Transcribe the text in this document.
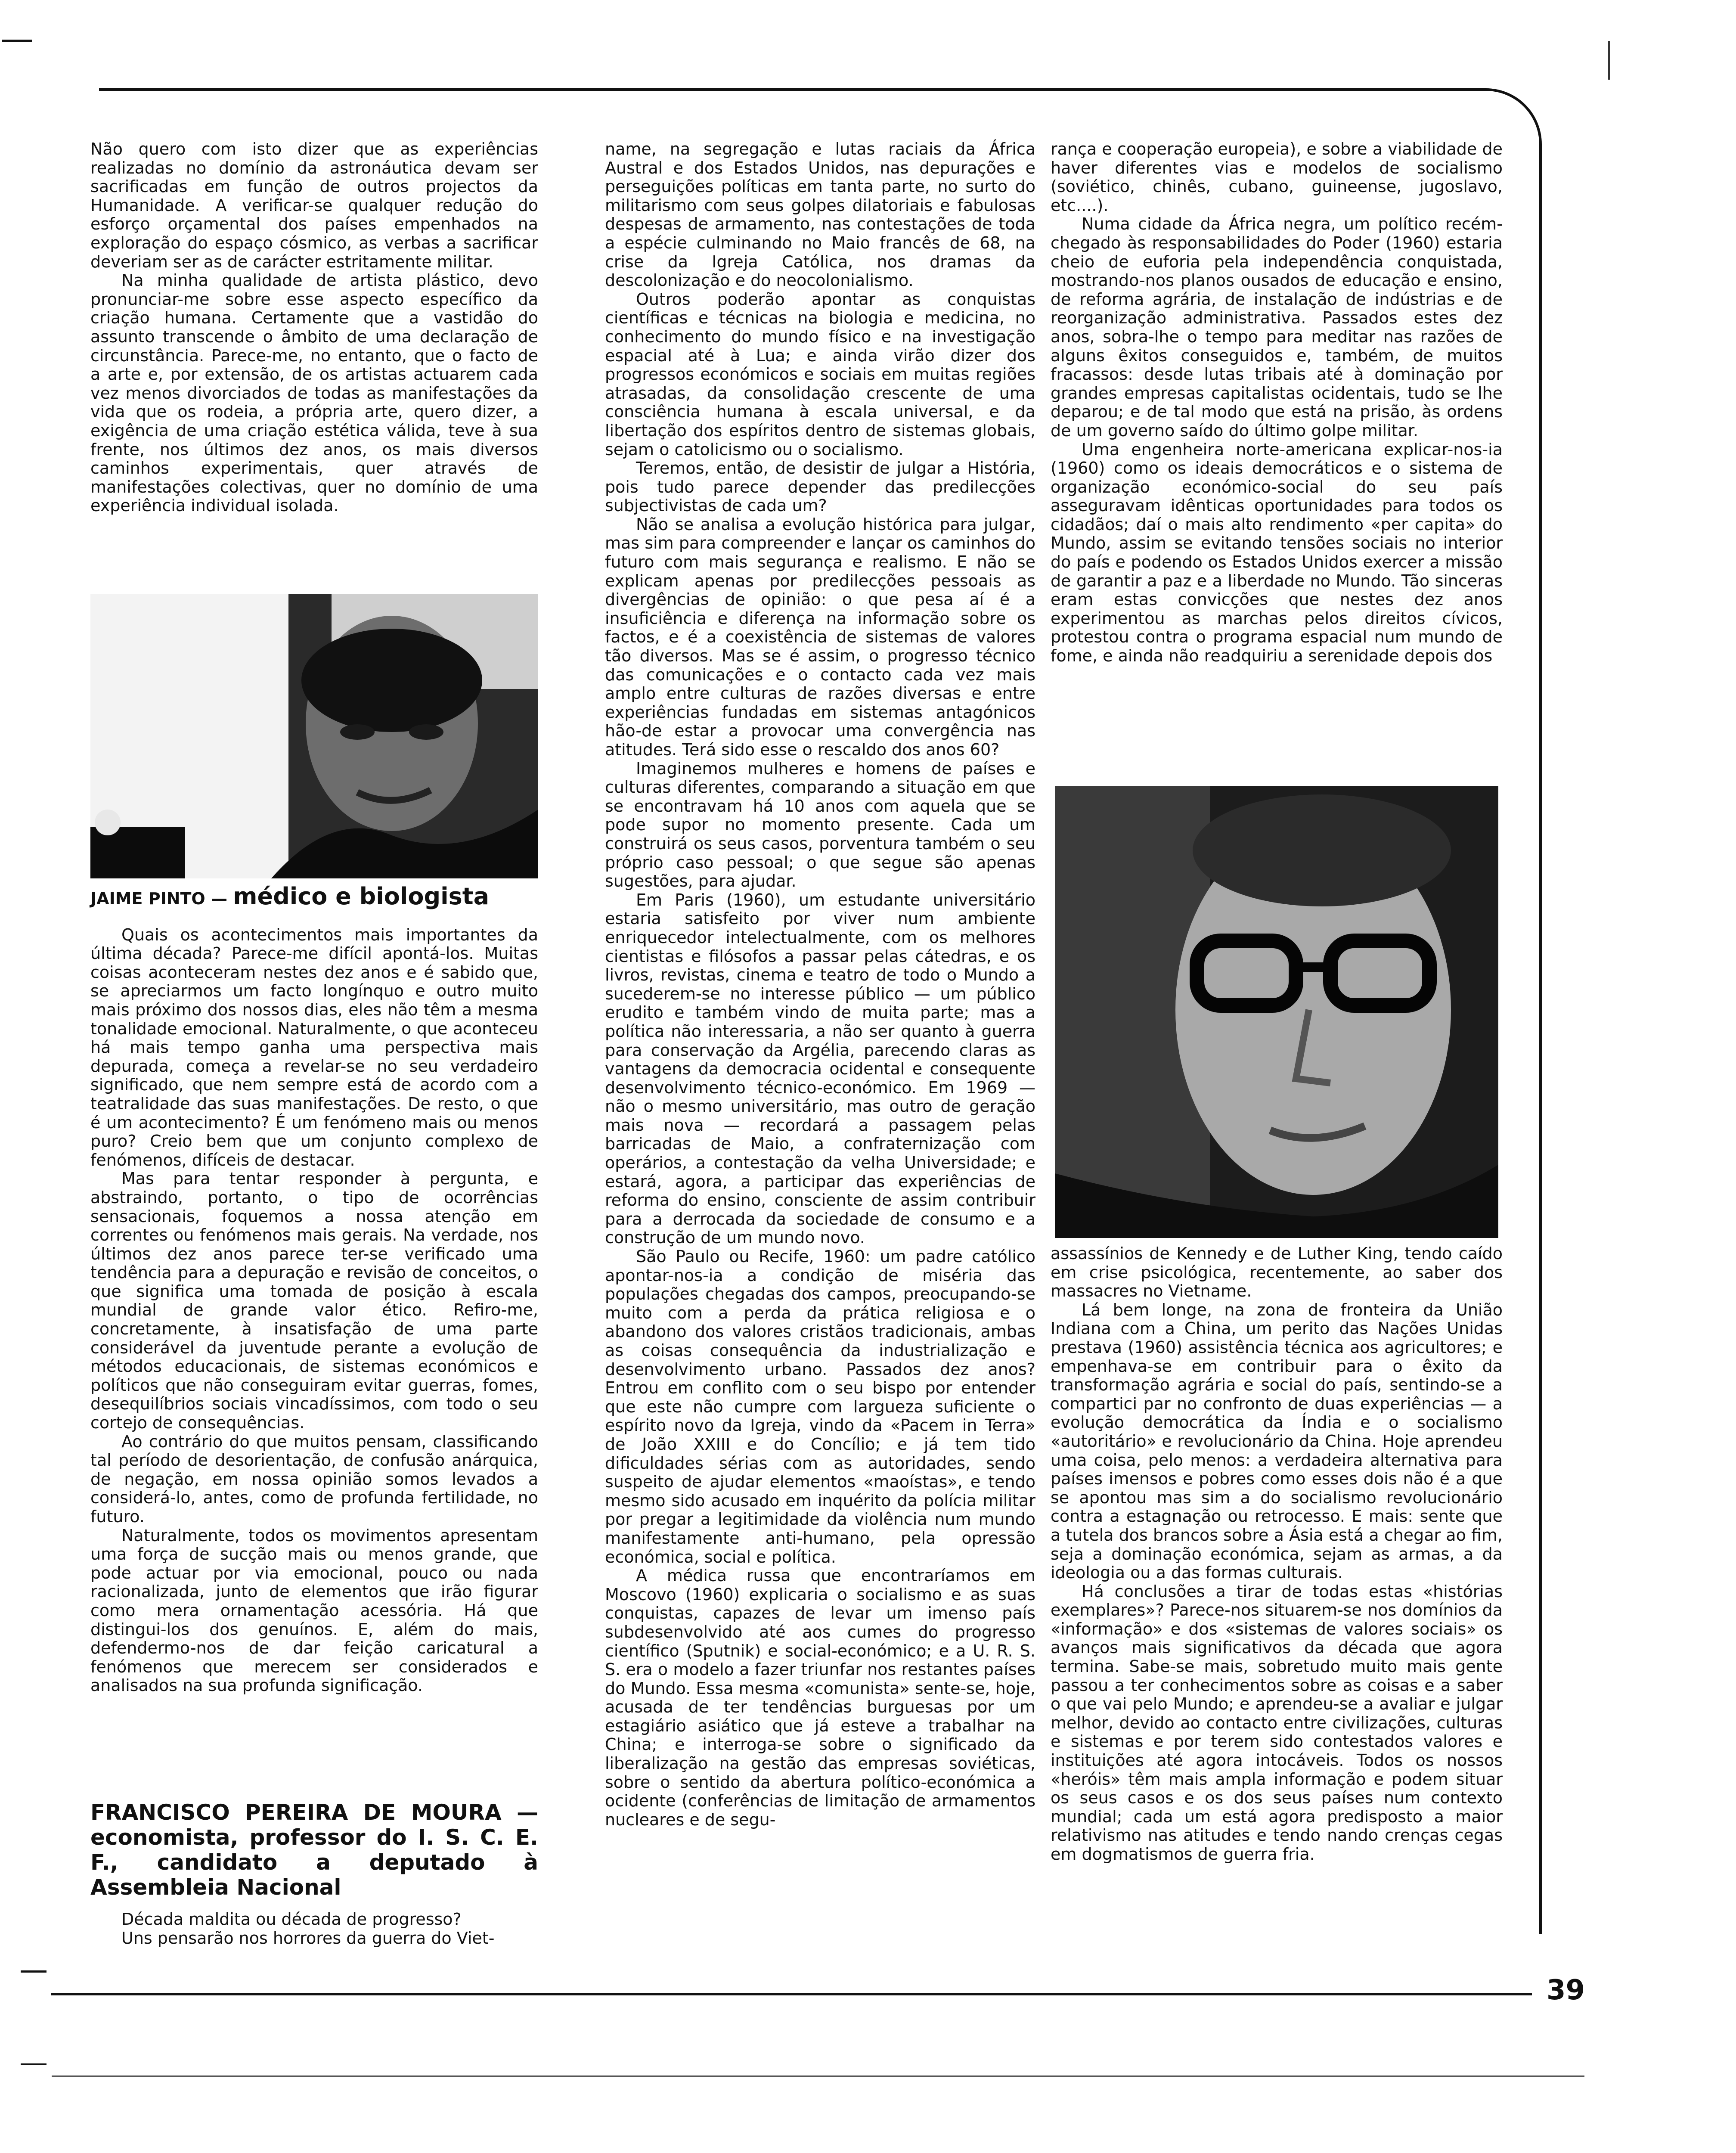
39

Não quero com isto dizer que as experiências realizadas no domínio da astronáutica devam ser sacrificadas em função de outros projectos da Humanidade. A verificar-se qualquer redução do esforço orçamental dos países empenhados na exploração do espaço cósmico, as verbas a sacrificar deveriam ser as de carácter estritamente militar.

Na minha qualidade de artista plástico, devo pronunciar-me sobre esse aspecto específico da criação humana. Certamente que a vastidão do assunto transcende o âmbito de uma declaração de circunstância. Parece-me, no entanto, que o facto de a arte e, por extensão, de os artistas actuarem cada vez menos divorciados de todas as manifestações da vida que os rodeia, a própria arte, quero dizer, a exigência de uma criação estética válida, teve à sua frente, nos últimos dez anos, os mais diversos caminhos experimentais, quer através de manifestações colectivas, quer no domínio de uma experiência individual isolada.

JAIME PINTO — médico e biologista

Quais os acontecimentos mais importantes da última década? Parece-me difícil apontá-los. Muitas coisas aconteceram nestes dez anos e é sabido que, se apreciarmos um facto longínquo e outro muito mais próximo dos nossos dias, eles não têm a mesma tonalidade emocional. Naturalmente, o que aconteceu há mais tempo ganha uma perspectiva mais depurada, começa a revelar-se no seu verdadeiro significado, que nem sempre está de acordo com a teatralidade das suas manifestações. De resto, o que é um acontecimento? É um fenómeno mais ou menos puro? Creio bem que um conjunto complexo de fenómenos, difíceis de destacar.

Mas para tentar responder à pergunta, e abstraindo, portanto, o tipo de ocorrências sensacionais, foquemos a nossa atenção em correntes ou fenómenos mais gerais. Na verdade, nos últimos dez anos parece ter-se verificado uma tendência para a depuração e revisão de conceitos, o que significa uma tomada de posição à escala mundial de grande valor ético. Refiro-me, concretamente, à insatisfação de uma parte considerável da juventude perante a evolução de métodos educacionais, de sistemas económicos e políticos que não conseguiram evitar guerras, fomes, desequilíbrios sociais vincadíssimos, com todo o seu cortejo de consequências.

Ao contrário do que muitos pensam, classificando tal período de desorientação, de confusão anárquica, de negação, em nossa opinião somos levados a considerá-lo, antes, como de profunda fertilidade, no futuro.

Naturalmente, todos os movimentos apresentam uma força de sucção mais ou menos grande, que pode actuar por via emocional, pouco ou nada racionalizada, junto de elementos que irão figurar como mera ornamentação acessória. Há que distingui-los dos genuínos. E, além do mais, defendermo-nos de dar feição caricatural a fenómenos que merecem ser considerados e analisados na sua profunda significação.

FRANCISCO PEREIRA DE MOURA —economista, professor do I. S. C. E. F., candidato a deputado à Assembleia Nacional

Década maldita ou década de progresso?

Uns pensarão nos horrores da guerra do Viet-

name, na segregação e lutas raciais da África Austral e dos Estados Unidos, nas depurações e perseguições políticas em tanta parte, no surto do militarismo com seus golpes dilatoriais e fabulosas despesas de armamento, nas contestações de toda a espécie culminando no Maio francês de 68, na crise da Igreja Católica, nos dramas da descolonização e do neocolonialismo.

Outros poderão apontar as conquistas científicas e técnicas na biologia e medicina, no conhecimento do mundo físico e na investigação espacial até à Lua; e ainda virão dizer dos progressos económicos e sociais em muitas regiões atrasadas, da consolidação crescente de uma consciência humana à escala universal, e da libertação dos espíritos dentro de sistemas globais, sejam o catolicismo ou o socialismo.

Teremos, então, de desistir de julgar a História, pois tudo parece depender das predilecções subjectivistas de cada um?

Não se analisa a evolução histórica para julgar, mas sim para compreender e lançar os caminhos do futuro com mais segurança e realismo. E não se explicam apenas por predilecções pessoais as divergências de opinião: o que pesa aí é a insuficiência e diferença na informação sobre os factos, e é a coexistência de sistemas de valores tão diversos. Mas se é assim, o progresso técnico das comunicações e o contacto cada vez mais amplo entre culturas de razões diversas e entre experiências fundadas em sistemas antagónicos hão-de estar a provocar uma convergência nas atitudes. Terá sido esse o rescaldo dos anos 60?

Imaginemos mulheres e homens de países e culturas diferentes, comparando a situação em que se encontravam há 10 anos com aquela que se pode supor no momento presente. Cada um construirá os seus casos, porventura também o seu próprio caso pessoal; o que segue são apenas sugestões, para ajudar.

Em Paris (1960), um estudante universitário estaria satisfeito por viver num ambiente enriquecedor intelectualmente, com os melhores cientistas e filósofos a passar pelas cátedras, e os livros, revistas, cinema e teatro de todo o Mundo a sucederem-se no interesse público — um público erudito e também vindo de muita parte; mas a política não interessaria, a não ser quanto à guerra para conservação da Argélia, parecendo claras as vantagens da democracia ocidental e consequente desenvolvimento técnico-económico. Em 1969 — não o mesmo universitário, mas outro de geração mais nova — recordará a passagem pelas barricadas de Maio, a confraternização com operários, a contestação da velha Universidade; e estará, agora, a participar das experiências de reforma do ensino, consciente de assim contribuir para a derrocada da sociedade de consumo e a construção de um mundo novo.

São Paulo ou Recife, 1960: um padre católico apontar-nos-ia a condição de miséria das populações chegadas dos campos, preocupando-se muito com a perda da prática religiosa e o abandono dos valores cristãos tradicionais, ambas as coisas consequência da industrialização e desenvolvimento urbano. Passados dez anos? Entrou em conflito com o seu bispo por entender que este não cumpre com largueza suficiente o espírito novo da Igreja, vindo da «Pacem in Terra» de João XXIII e do Concílio; e já tem tido dificuldades sérias com as autoridades, sendo suspeito de ajudar elementos «maoístas», e tendo mesmo sido acusado em inquérito da polícia militar por pregar a legitimidade da violência num mundo manifestamente anti-humano, pela opressão económica, social e política.

A médica russa que encontraríamos em Moscovo (1960) explicaria o socialismo e as suas conquistas, capazes de levar um imenso país subdesenvolvido até aos cumes do progresso científico (Sputnik) e social-económico; e a U. R. S. S. era o modelo a fazer triunfar nos restantes países do Mundo. Essa mesma «comunista» sente-se, hoje, acusada de ter tendências burguesas por um estagiário asiático que já esteve a trabalhar na China; e interroga-se sobre o significado da liberalização na gestão das empresas soviéticas, sobre o sentido da abertura político-económica a ocidente (conferências de limitação de armamentos nucleares e de segu-

rança e cooperação europeia), e sobre a viabilidade de haver diferentes vias e modelos de socialismo (soviético, chinês, cubano, guineense, jugoslavo, etc....).

Numa cidade da África negra, um político recém-chegado às responsabilidades do Poder (1960) estaria cheio de euforia pela independência conquistada, mostrando-nos planos ousados de educação e ensino, de reforma agrária, de instalação de indústrias e de reorganização administrativa. Passados estes dez anos, sobra-lhe o tempo para meditar nas razões de alguns êxitos conseguidos e, também, de muitos fracassos: desde lutas tribais até à dominação por grandes empresas capitalistas ocidentais, tudo se lhe deparou; e de tal modo que está na prisão, às ordens de um governo saído do último golpe militar.

Uma engenheira norte-americana explicar-nos-ia (1960) como os ideais democráticos e o sistema de organização económico-social do seu país asseguravam idênticas oportunidades para todos os cidadãos; daí o mais alto rendimento «per capita» do Mundo, assim se evitando tensões sociais no interior do país e podendo os Estados Unidos exercer a missão de garantir a paz e a liberdade no Mundo. Tão sinceras eram estas convicções que nestes dez anos experimentou as marchas pelos direitos cívicos, protestou contra o programa espacial num mundo de fome, e ainda não readquiriu a serenidade depois dos

assassínios de Kennedy e de Luther King, tendo caído em crise psicológica, recentemente, ao saber dos massacres no Vietname.

Lá bem longe, na zona de fronteira da União Indiana com a China, um perito das Nações Unidas prestava (1960) assistência técnica aos agricultores; e empenhava-se em contribuir para o êxito da transformação agrária e social do país, sentindo-se a compartici par no confronto de duas experiências — a evolução democrática da Índia e o socialismo «autoritário» e revolucionário da China. Hoje aprendeu uma coisa, pelo menos: a verdadeira alternativa para países imensos e pobres como esses dois não é a que se apontou mas sim a do socialismo revolucionário contra a estagnação ou retrocesso. E mais: sente que a tutela dos brancos sobre a Ásia está a chegar ao fim, seja a dominação económica, sejam as armas, a da ideologia ou a das formas culturais.

Há conclusões a tirar de todas estas «histórias exemplares»? Parece-nos situarem-se nos domínios da «informação» e dos «sistemas de valores sociais» os avanços mais significativos da década que agora termina. Sabe-se mais, sobretudo muito mais gente passou a ter conhecimentos sobre as coisas e a saber o que vai pelo Mundo; e aprendeu-se a avaliar e julgar melhor, devido ao contacto entre civilizações, culturas e sistemas e por terem sido contestados valores e instituições até agora intocáveis. Todos os nossos «heróis» têm mais ampla informação e podem situar os seus casos e os dos seus países num contexto mundial; cada um está agora predisposto a maior relativismo nas atitudes e tendo nando crenças cegas em dogmatismos de guerra fria.
